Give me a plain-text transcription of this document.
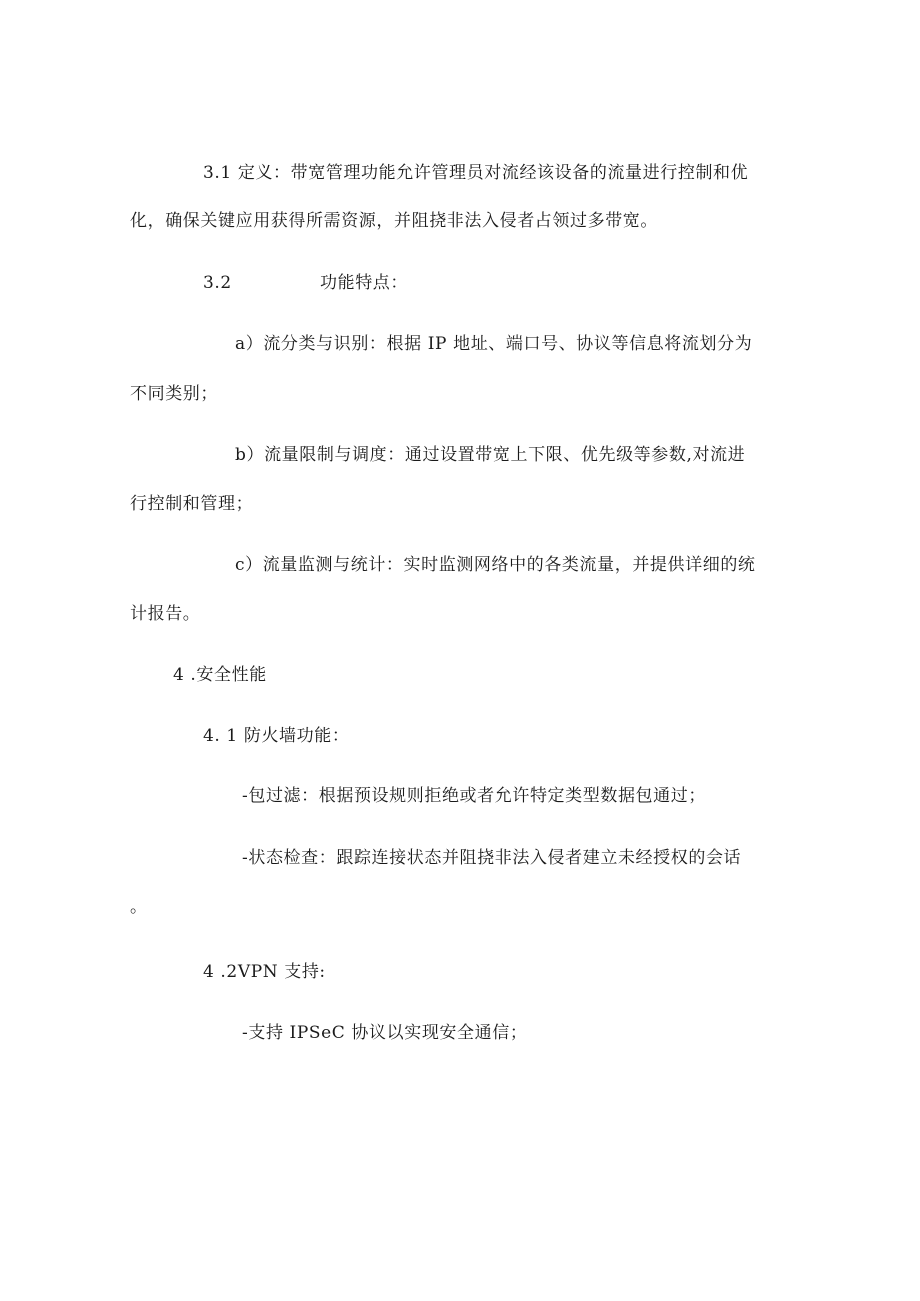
3.1 定义：带宽管理功能允许管理员对流经该设备的流量进行控制和优
化，确保关键应用获得所需资源，并阻挠非法入侵者占领过多带宽。
3.2	功能特点：
a）流分类与识别：根据 IP 地址、端口号、协议等信息将流划分为
不同类别；
b）流量限制与调度：通过设置带宽上下限、优先级等参数,对流进
行控制和管理；
c）流量监测与统计：实时监测网络中的各类流量，并提供详细的统
计报告。
4 .安全性能
4. 1 防火墙功能：
-包过滤：根据预设规则拒绝或者允许特定类型数据包通过；
-状态检查：跟踪连接状态并阻挠非法入侵者建立未经授权的会话
。
4 .2VPN 支持:
-支持 IPSeC 协议以实现安全通信；
